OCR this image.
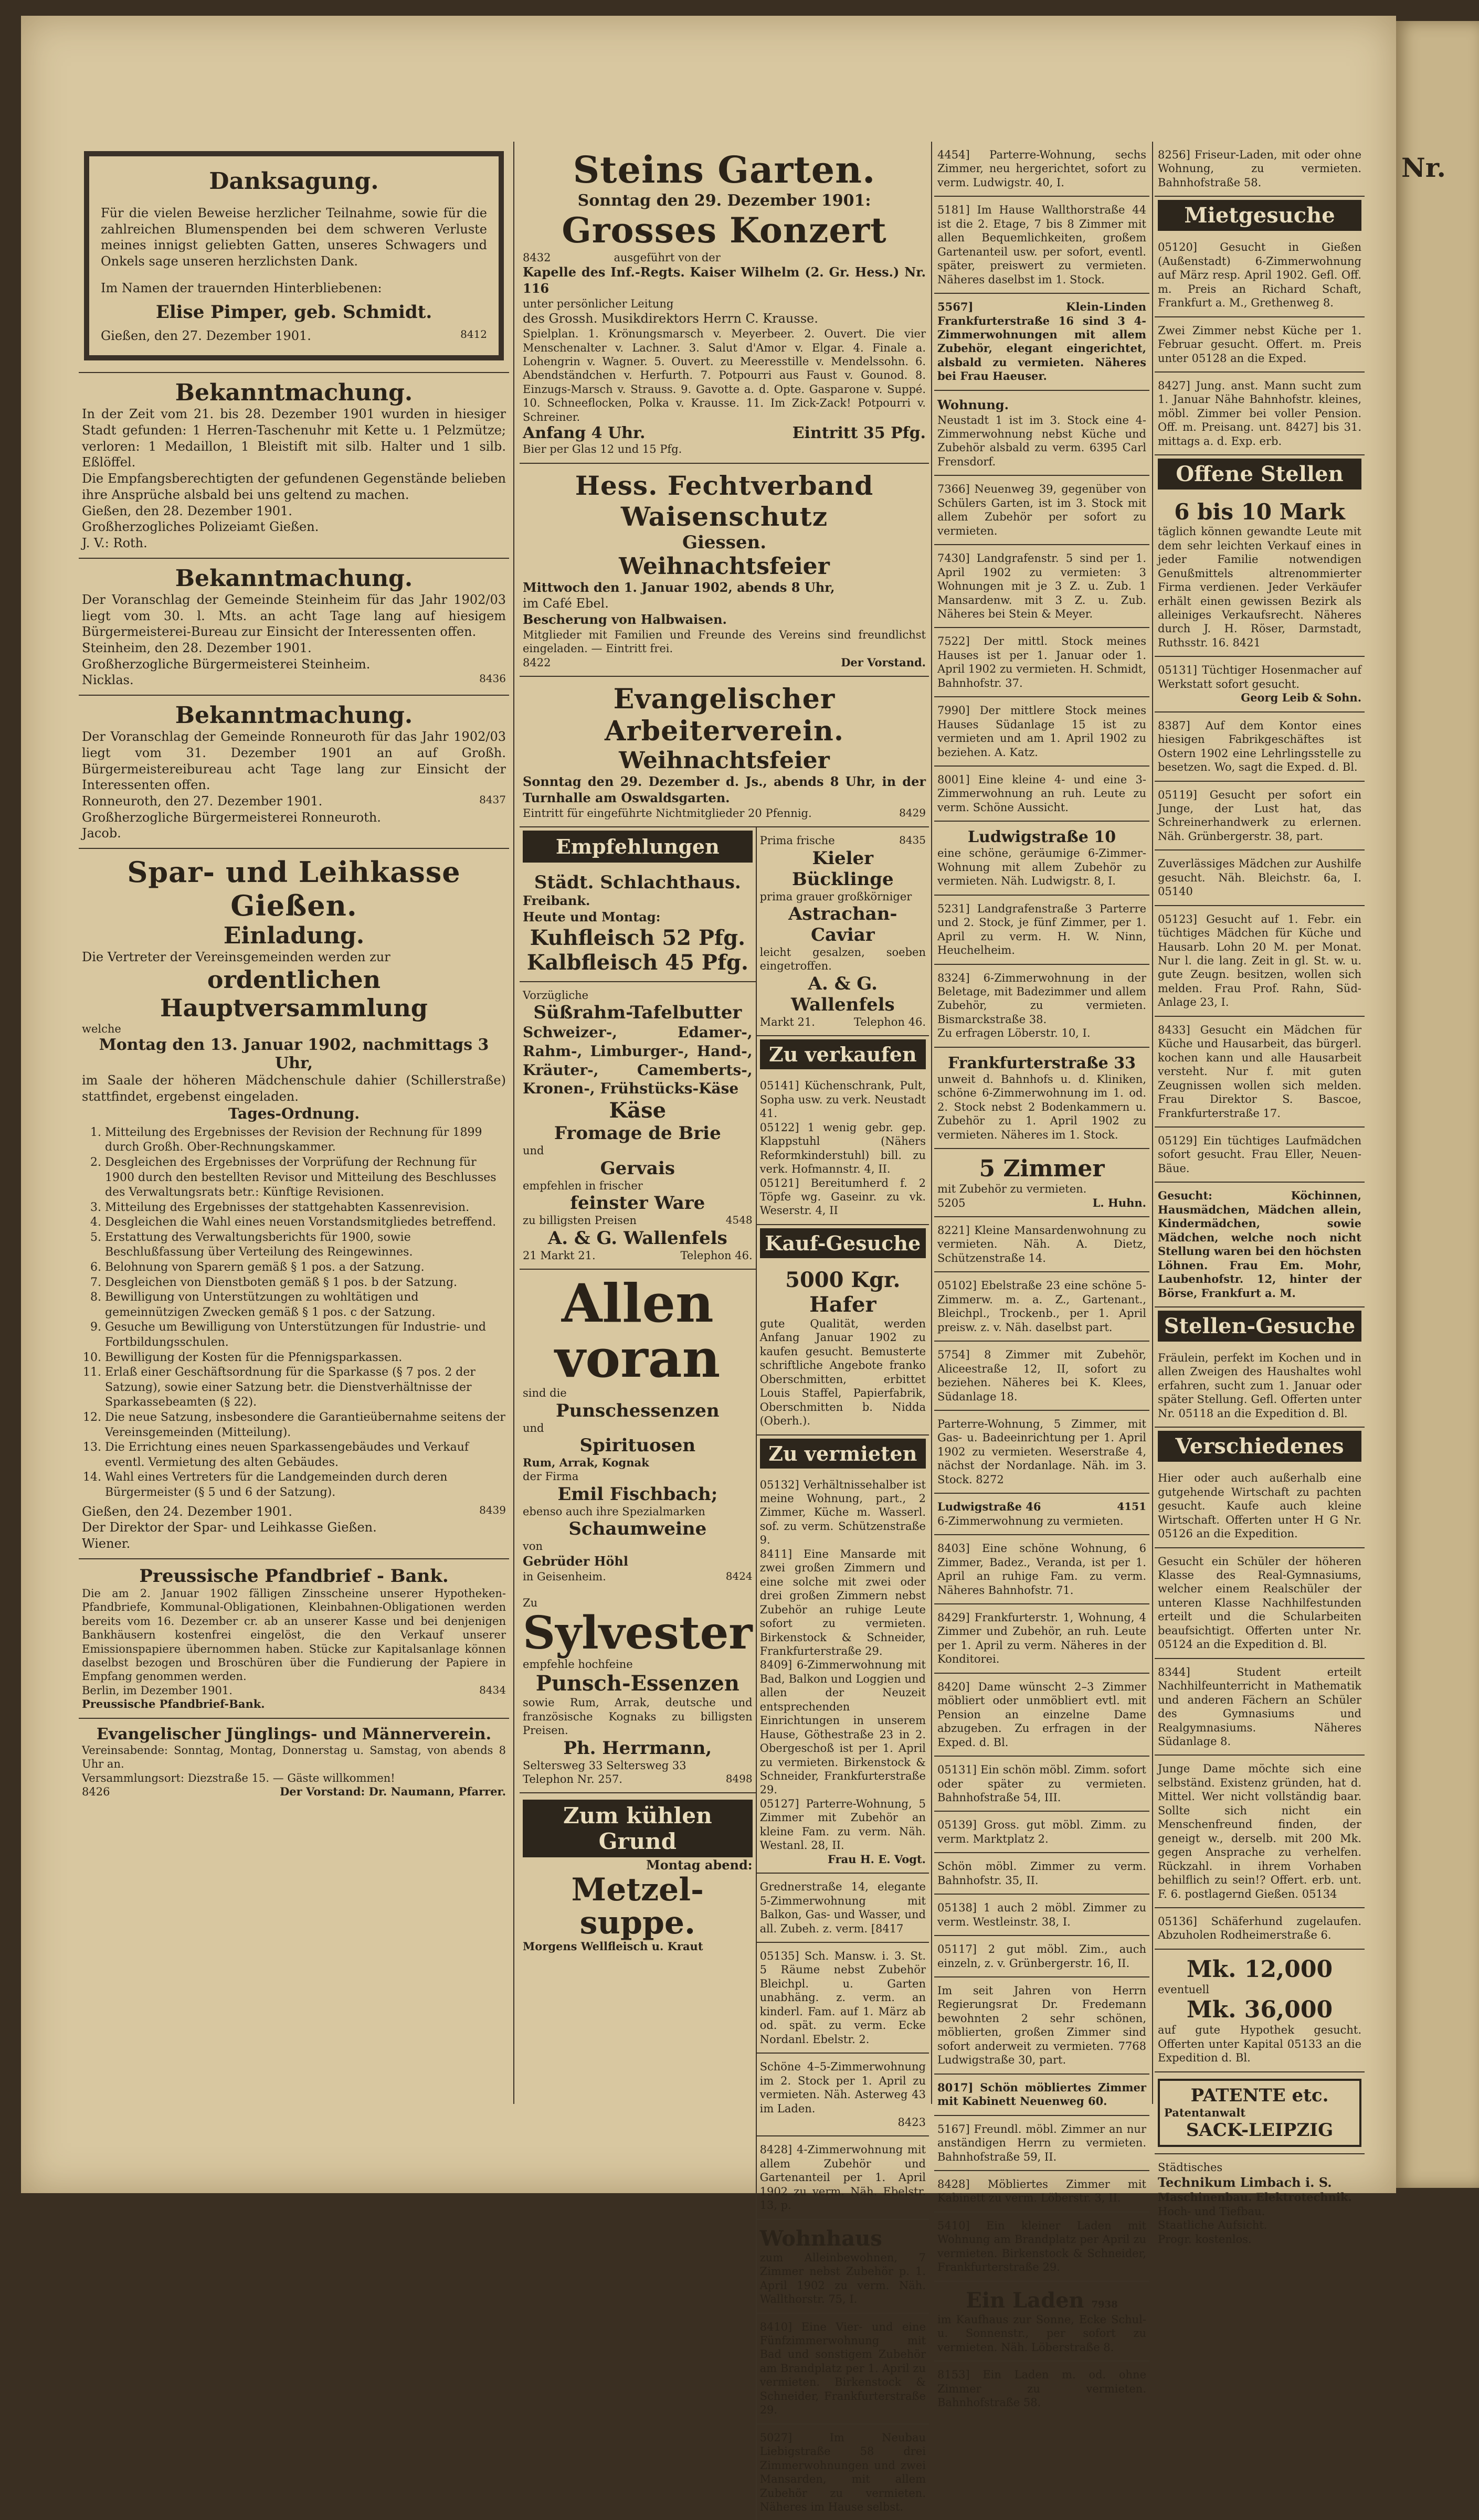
Nr.
Danksagung.
Für die vielen Beweise herzlicher Teilnahme, sowie für die zahlreichen Blumenspenden bei dem schweren Verluste meines innigst geliebten Gatten, unseres Schwagers und Onkels sage unseren herzlichsten Dank.
Im Namen der trauernden Hinterbliebenen:
Elise Pimper, geb. Schmidt.
Gießen, den 27. Dezember 1901.	8412
Bekanntmachung.
In der Zeit vom 21. bis 28. Dezember 1901 wurden in hiesiger Stadt gefunden: 1 Herren-Taschenuhr mit Kette u. 1 Pelzmütze; verloren: 1 Medaillon, 1 Bleistift mit silb. Halter und 1 silb. Eßlöffel.
Die Empfangsberechtigten der gefundenen Gegenstände belieben ihre Ansprüche alsbald bei uns geltend zu machen.
Gießen, den 28. Dezember 1901.
Großherzogliches Polizeiamt Gießen.
J. V.: Roth.
Bekanntmachung.
Der Voranschlag der Gemeinde Steinheim für das Jahr 1902/03 liegt vom 30. l. Mts. an acht Tage lang auf hiesigem Bürgermeisterei-Bureau zur Einsicht der Interessenten offen.
Steinheim, den 28. Dezember 1901.
Großherzogliche Bürgermeisterei Steinheim.
Nicklas.	8436
Bekanntmachung.
Der Voranschlag der Gemeinde Ronneuroth für das Jahr 1902/03 liegt vom 31. Dezember 1901 an auf Großh. Bürgermeistereibureau acht Tage lang zur Einsicht der Interessenten offen.
Ronneuroth, den 27. Dezember 1901.	8437
Großherzogliche Bürgermeisterei Ronneuroth.
Jacob.
Spar- und Leihkasse Gießen.
Einladung.
Die Vertreter der Vereinsgemeinden werden zur
ordentlichen Hauptversammlung
welche
Montag den 13. Januar 1902, nachmittags 3 Uhr,
im Saale der höheren Mädchenschule dahier (Schillerstraße) stattfindet, ergebenst eingeladen.
Tages-Ordnung.
1. Mitteilung des Ergebnisses der Revision der Rechnung für 1899 durch Großh. Ober-Rechnungskammer.
2. Desgleichen des Ergebnisses der Vorprüfung der Rechnung für 1900 durch den bestellten Revisor und Mitteilung des Beschlusses des Verwaltungsrats betr.: Künftige Revisionen.
3. Mitteilung des Ergebnisses der stattgehabten Kassenrevision.
4. Desgleichen die Wahl eines neuen Vorstandsmitgliedes betreffend.
5. Erstattung des Verwaltungsberichts für 1900, sowie Beschlußfassung über Verteilung des Reingewinnes.
6. Belohnung von Sparern gemäß § 1 pos. a der Satzung.
7. Desgleichen von Dienstboten gemäß § 1 pos. b der Satzung.
8. Bewilligung von Unterstützungen zu wohltätigen und gemeinnützigen Zwecken gemäß § 1 pos. c der Satzung.
9. Gesuche um Bewilligung von Unterstützungen für Industrie- und Fortbildungsschulen.
10. Bewilligung der Kosten für die Pfennigsparkassen.
11. Erlaß einer Geschäftsordnung für die Sparkasse (§ 7 pos. 2 der Satzung), sowie einer Satzung betr. die Dienstverhältnisse der Sparkassebeamten (§ 22).
12. Die neue Satzung, insbesondere die Garantieübernahme seitens der Vereinsgemeinden (Mitteilung).
13. Die Errichtung eines neuen Sparkassengebäudes und Verkauf eventl. Vermietung des alten Gebäudes.
14. Wahl eines Vertreters für die Landgemeinden durch deren Bürgermeister (§ 5 und 6 der Satzung).
Gießen, den 24. Dezember 1901.	8439
Der Direktor der Spar- und Leihkasse Gießen.
Wiener.
Preussische Pfandbrief - Bank.
Die am 2. Januar 1902 fälligen Zinsscheine unserer Hypotheken-Pfandbriefe, Kommunal-Obligationen, Kleinbahnen-Obligationen werden bereits vom 16. Dezember cr. ab an unserer Kasse und bei denjenigen Bankhäusern kostenfrei eingelöst, die den Verkauf unserer Emissionspapiere übernommen haben. Stücke zur Kapitalsanlage können daselbst bezogen und Broschüren über die Fundierung der Papiere in Empfang genommen werden.
Berlin, im Dezember 1901.	8434
Preussische Pfandbrief-Bank.
Evangelischer Jünglings- und Männerverein.
Vereinsabende: Sonntag, Montag, Donnerstag u. Samstag, von abends 8 Uhr an.
Versammlungsort: Diezstraße 15. — Gäste willkommen!
8426	Der Vorstand: Dr. Naumann, Pfarrer.
Steins Garten.
Sonntag den 29. Dezember 1901:
Grosses Konzert
8432	ausgeführt von der
Kapelle des Inf.-Regts. Kaiser Wilhelm (2. Gr. Hess.) Nr. 116
unter persönlicher Leitung
des Grossh. Musikdirektors Herrn C. Krausse.
Spielplan. 1. Krönungsmarsch v. Meyerbeer. 2. Ouvert. Die vier Menschenalter v. Lachner. 3. Salut d'Amor v. Elgar. 4. Finale a. Lohengrin v. Wagner. 5. Ouvert. zu Meeresstille v. Mendelssohn. 6. Abendständchen v. Herfurth. 7. Potpourri aus Faust v. Gounod. 8. Einzugs-Marsch v. Strauss. 9. Gavotte a. d. Opte. Gasparone v. Suppé. 10. Schneeflocken, Polka v. Krausse. 11. Im Zick-Zack! Potpourri v. Schreiner.
Anfang 4 Uhr.	Eintritt 35 Pfg.
Bier per Glas 12 und 15 Pfg.
Hess. Fechtverband Waisenschutz
Giessen.
Weihnachtsfeier
Mittwoch den 1. Januar 1902, abends 8 Uhr,
im Café Ebel.
Bescherung von Halbwaisen.
Mitglieder mit Familien und Freunde des Vereins sind freundlichst eingeladen. — Eintritt frei.
8422	Der Vorstand.
Evangelischer Arbeiterverein.
Weihnachtsfeier
Sonntag den 29. Dezember d. Js., abends 8 Uhr, in der Turnhalle am Oswaldsgarten.
Eintritt für eingeführte Nichtmitglieder 20 Pfennig.	8429
Empfehlungen
Städt. Schlachthaus.
Freibank.
Heute und Montag:
Kuhfleisch 52 Pfg.
Kalbfleisch 45 Pfg.
Vorzügliche
Süßrahm-Tafelbutter
Schweizer-, Edamer-, Rahm-, Limburger-, Hand-, Kräuter-, Camemberts-, Kronen-, Frühstücks-Käse
Käse
Fromage de Brie
und
Gervais
empfehlen in frischer
feinster Ware
zu billigsten Preisen	4548
A. & G. Wallenfels
21 Markt 21.	Telephon 46.
Allen
voran
sind die
Punschessenzen
und
Spirituosen
Rum, Arrak, Kognak
der Firma
Emil Fischbach;
ebenso auch ihre Spezialmarken
Schaumweine
von
Gebrüder Höhl
in Geisenheim.	8424
Zu
Sylvester
empfehle hochfeine
Punsch-Essenzen
sowie Rum, Arrak, deutsche und französische Kognaks zu billigsten Preisen.
Ph. Herrmann,
Seltersweg 33 Seltersweg 33
Telephon Nr. 257.	8498
Zum kühlen Grund
Montag abend:
Metzel-suppe.
Morgens Wellfleisch u. Kraut
Prima frische	8435
Kieler Bücklinge
prima grauer großkörniger
Astrachan-Caviar
leicht gesalzen, soeben eingetroffen.
A. & G. Wallenfels
Markt 21.	Telephon 46.
Zu verkaufen
05141] Küchenschrank, Pult, Sopha usw. zu verk. Neustadt 41.
05122] 1 wenig gebr. gep. Klappstuhl (Nähers Reformkinderstuhl) bill. zu verk. Hofmannstr. 4, II.
05121] Bereitumherd f. 2 Töpfe wg. Gaseinr. zu vk. Weserstr. 4, II
Kauf-Gesuche
5000 Kgr. Hafer
gute Qualität, werden Anfang Januar 1902 zu kaufen gesucht. Bemusterte schriftliche Angebote franko Oberschmitten, erbittet Louis Staffel, Papierfabrik, Oberschmitten b. Nidda (Oberh.).
Zu vermieten
05132] Verhältnissehalber ist meine Wohnung, part., 2 Zimmer, Küche m. Wasserl. sof. zu verm. Schützenstraße 9.
8411] Eine Mansarde mit zwei großen Zimmern und eine solche mit zwei oder drei großen Zimmern nebst Zubehör an ruhige Leute sofort zu vermieten. Birkenstock & Schneider, Frankfurterstraße 29.
8409] 6-Zimmerwohnung mit Bad, Balkon und Loggien und allen der Neuzeit entsprechenden Einrichtungen in unserem Hause, Göthestraße 23 in 2. Obergeschoß ist per 1. April zu vermieten. Birkenstock & Schneider, Frankfurterstraße 29.
05127] Parterre-Wohnung, 5 Zimmer mit Zubehör an kleine Fam. zu verm. Näh. Westanl. 28, II.
Frau H. E. Vogt.
Grednerstraße 14, elegante 5-Zimmerwohnung mit Balkon, Gas- und Wasser, und all. Zubeh. z. verm. [8417
05135] Sch. Mansw. i. 3. St. 5 Räume nebst Zubehör Bleichpl. u. Garten unabhäng. z. verm. an kinderl. Fam. auf 1. März ab od. spät. zu verm. Ecke Nordanl. Ebelstr. 2.
Schöne 4–5-Zimmerwohnung im 2. Stock per 1. April zu vermieten. Näh. Asterweg 43 im Laden.
8423
8428] 4-Zimmerwohnung mit allem Zubehör und Gartenanteil per 1. April 1902 zu verm. Näh. Ebelstr. 13, p.
Wohnhaus
zum Alleinbewohnen, 7 Zimmer nebst Zubehör p. 1. April 1902 zu verm. Näh. Wallthorstr. 75, I.
8410] Eine Vier- und eine Fünfzimmerwohnung mit Bad und sonstigem Zubehör am Brandplatz per 1. April zu vermieten. Birkenstock & Schneider, Frankfurterstraße 29.
5027] Im Neubau Liebigstraße 58 drei Zimmerwohnungen und zwei Mansarden, mit allem Zubehör zu vermieten. Näheres im Hause selbst.
4454] Parterre-Wohnung, sechs Zimmer, neu hergerichtet, sofort zu verm. Ludwigstr. 40, I.
5181] Im Hause Wallthorstraße 44 ist die 2. Etage, 7 bis 8 Zimmer mit allen Bequemlichkeiten, großem Gartenanteil usw. per sofort, eventl. später, preiswert zu vermieten. Näheres daselbst im 1. Stock.
5567] Klein-Linden Frankfurterstraße 16 sind 3 4-Zimmerwohnungen mit allem Zubehör, elegant eingerichtet, alsbald zu vermieten. Näheres bei Frau Haeuser.
Wohnung.
Neustadt 1 ist im 3. Stock eine 4-Zimmerwohnung nebst Küche und Zubehör alsbald zu verm. 6395 Carl Frensdorf.
7366] Neuenweg 39, gegenüber von Schülers Garten, ist im 3. Stock mit allem Zubehör per sofort zu vermieten.
7430] Landgrafenstr. 5 sind per 1. April 1902 zu vermieten: 3 Wohnungen mit je 3 Z. u. Zub. 1 Mansardenw. mit 3 Z. u. Zub. Näheres bei Stein & Meyer.
7522] Der mittl. Stock meines Hauses ist per 1. Januar oder 1. April 1902 zu vermieten. H. Schmidt, Bahnhofstr. 37.
7990] Der mittlere Stock meines Hauses Südanlage 15 ist zu vermieten und am 1. April 1902 zu beziehen. A. Katz.
8001] Eine kleine 4- und eine 3-Zimmerwohnung an ruh. Leute zu verm. Schöne Aussicht.
Ludwigstraße 10
eine schöne, geräumige 6-Zimmer-Wohnung mit allem Zubehör zu vermieten. Näh. Ludwigstr. 8, I.
5231] Landgrafenstraße 3 Parterre und 2. Stock, je fünf Zimmer, per 1. April zu verm. H. W. Ninn, Heuchelheim.
8324] 6-Zimmerwohnung in der Beletage, mit Badezimmer und allem Zubehör, zu vermieten. Bismarckstraße 38.
Zu erfragen Löberstr. 10, I.
Frankfurterstraße 33
unweit d. Bahnhofs u. d. Kliniken, schöne 6-Zimmerwohnung im 1. od. 2. Stock nebst 2 Bodenkammern u. Zubehör zu 1. April 1902 zu vermieten. Näheres im 1. Stock.
5 Zimmer
mit Zubehör zu vermieten.
5205	L. Huhn.
8221] Kleine Mansardenwohnung zu vermieten. Näh. A. Dietz, Schützenstraße 14.
05102] Ebelstraße 23 eine schöne 5-Zimmerw. m. a. Z., Gartenant., Bleichpl., Trockenb., per 1. April preisw. z. v. Näh. daselbst part.
5754] 8 Zimmer mit Zubehör, Aliceestraße 12, II, sofort zu beziehen. Näheres bei K. Klees, Südanlage 18.
Parterre-Wohnung, 5 Zimmer, mit Gas- u. Badeeinrichtung per 1. April 1902 zu vermieten. Weserstraße 4, nächst der Nordanlage. Näh. im 3. Stock. 8272
Ludwigstraße 46	4151
6-Zimmerwohnung zu vermieten.
8403] Eine schöne Wohnung, 6 Zimmer, Badez., Veranda, ist per 1. April an ruhige Fam. zu verm. Näheres Bahnhofstr. 71.
8429] Frankfurterstr. 1, Wohnung, 4 Zimmer und Zubehör, an ruh. Leute per 1. April zu verm. Näheres in der Konditorei.
8420] Dame wünscht 2–3 Zimmer möbliert oder unmöbliert evtl. mit Pension an einzelne Dame abzugeben. Zu erfragen in der Exped. d. Bl.
05131] Ein schön möbl. Zimm. sofort oder später zu vermieten. Bahnhofstraße 54, III.
05139] Gross. gut möbl. Zimm. zu verm. Marktplatz 2.
Schön möbl. Zimmer zu verm. Bahnhofstr. 35, II.
05138] 1 auch 2 möbl. Zimmer zu verm. Westleinstr. 38, I.
05117] 2 gut möbl. Zim., auch einzeln, z. v. Grünbergerstr. 16, II.
Im seit Jahren von Herrn Regierungsrat Dr. Fredemann bewohnten 2 sehr schönen, möblierten, großen Zimmer sind sofort anderweit zu vermieten. 7768 Ludwigstraße 30, part.
8017] Schön möbliertes Zimmer mit Kabinett Neuenweg 60.
5167] Freundl. möbl. Zimmer an nur anständigen Herrn zu vermieten. Bahnhofstraße 59, II.
8428] Möbliertes Zimmer mit Kabinett zu verm. Löberstr. 3, II.
5410] Ein kleiner Laden mit Wohnung am Brandplatz per April zu vermieten. Birkenstock & Schneider, Frankfurterstraße 29.
Ein Laden 7938
im Kaufhaus zur Sonne, Ecke Schul- u. Sonnenstr., per sofort zu vermieten. Näh. Löberstraße 8.
8153] Ein Laden m. od. ohne Zimmer zu vermieten. Bahnhofstraße 58.
8256] Friseur-Laden, mit oder ohne Wohnung, zu vermieten. Bahnhofstraße 58.
Mietgesuche
05120] Gesucht in Gießen (Außenstadt) 6-Zimmerwohnung auf März resp. April 1902. Gefl. Off. m. Preis an Richard Schaft, Frankfurt a. M., Grethenweg 8.
Zwei Zimmer nebst Küche per 1. Februar gesucht. Offert. m. Preis unter 05128 an die Exped.
8427] Jung. anst. Mann sucht zum 1. Januar Nähe Bahnhofstr. kleines, möbl. Zimmer bei voller Pension. Off. m. Preisang. unt. 8427] bis 31. mittags a. d. Exp. erb.
Offene Stellen
6 bis 10 Mark
täglich können gewandte Leute mit dem sehr leichten Verkauf eines in jeder Familie notwendigen Genußmittels altrenommierter Firma verdienen. Jeder Verkäufer erhält einen gewissen Bezirk als alleiniges Verkaufsrecht. Näheres durch J. H. Röser, Darmstadt, Ruthsstr. 16. 8421
05131] Tüchtiger Hosenmacher auf Werkstatt sofort gesucht.
Georg Leib & Sohn.
8387] Auf dem Kontor eines hiesigen Fabrikgeschäftes ist Ostern 1902 eine Lehrlingsstelle zu besetzen. Wo, sagt die Exped. d. Bl.
05119] Gesucht per sofort ein Junge, der Lust hat, das Schreinerhandwerk zu erlernen. Näh. Grünbergerstr. 38, part.
Zuverlässiges Mädchen zur Aushilfe gesucht. Näh. Bleichstr. 6a, I. 05140
05123] Gesucht auf 1. Febr. ein tüchtiges Mädchen für Küche und Hausarb. Lohn 20 M. per Monat. Nur l. die lang. Zeit in gl. St. w. u. gute Zeugn. besitzen, wollen sich melden. Frau Prof. Rahn, Süd-Anlage 23, I.
8433] Gesucht ein Mädchen für Küche und Hausarbeit, das bürgerl. kochen kann und alle Hausarbeit versteht. Nur f. mit guten Zeugnissen wollen sich melden. Frau Direktor S. Bascoe, Frankfurterstraße 17.
05129] Ein tüchtiges Laufmädchen sofort gesucht. Frau Eller, Neuen-Bäue.
Gesucht: Köchinnen, Hausmädchen, Mädchen allein, Kindermädchen, sowie Mädchen, welche noch nicht Stellung waren bei den höchsten Löhnen. Frau Em. Mohr, Laubenhofstr. 12, hinter der Börse, Frankfurt a. M.
Stellen-Gesuche
Fräulein, perfekt im Kochen und in allen Zweigen des Haushaltes wohl erfahren, sucht zum 1. Januar oder später Stellung. Gefl. Offerten unter Nr. 05118 an die Expedition d. Bl.
Verschiedenes
Hier oder auch außerhalb eine gutgehende Wirtschaft zu pachten gesucht. Kaufe auch kleine Wirtschaft. Offerten unter H G Nr. 05126 an die Expedition.
Gesucht ein Schüler der höheren Klasse des Real-Gymnasiums, welcher einem Realschüler der unteren Klasse Nachhilfestunden erteilt und die Schularbeiten beaufsichtigt. Offerten unter Nr. 05124 an die Expedition d. Bl.
8344] Student erteilt Nachhilfeunterricht in Mathematik und anderen Fächern an Schüler des Gymnasiums und Realgymnasiums. Näheres Südanlage 8.
Junge Dame möchte sich eine selbständ. Existenz gründen, hat d. Mittel. Wer nicht vollständig baar. Sollte sich nicht ein Menschenfreund finden, der geneigt w., derselb. mit 200 Mk. gegen Ansprache zu verhelfen. Rückzahl. in ihrem Vorhaben behilflich zu sein!? Offert. erb. unt. F. 6. postlagernd Gießen. 05134
05136] Schäferhund zugelaufen. Abzuholen Rodheimerstraße 6.
Mk. 12,000
eventuell
Mk. 36,000
auf gute Hypothek gesucht. Offerten unter Kapital 05133 an die Expedition d. Bl.
PATENTE etc.
Patentanwalt
SACK-LEIPZIG
Städtisches
Technikum Limbach i. S.
Maschinenbau. Elektrotechnik.
Hoch- und Tiefbau.
Staatliche Aufsicht.
Progr. kostenlos.
